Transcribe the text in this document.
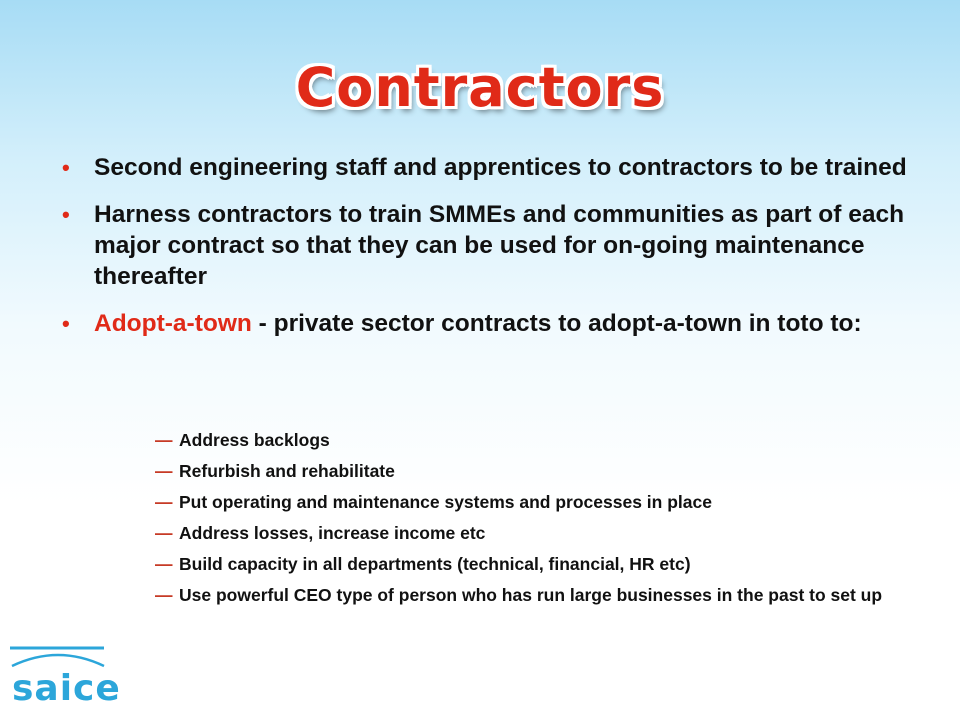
Contractors
• Second engineering staff and apprentices to contractors to be trained
• Harness contractors to train SMMEs and communities as part of each major contract so that they can be used for on-going maintenance thereafter
• Adopt-a-town - private sector contracts to adopt-a-town in toto to:
— Address backlogs
— Refurbish and rehabilitate
— Put operating and maintenance systems and processes in place
— Address losses, increase income etc
— Build capacity in all departments (technical, financial, HR etc)
— Use powerful CEO type of person who has run large businesses in the past to set up
saice
